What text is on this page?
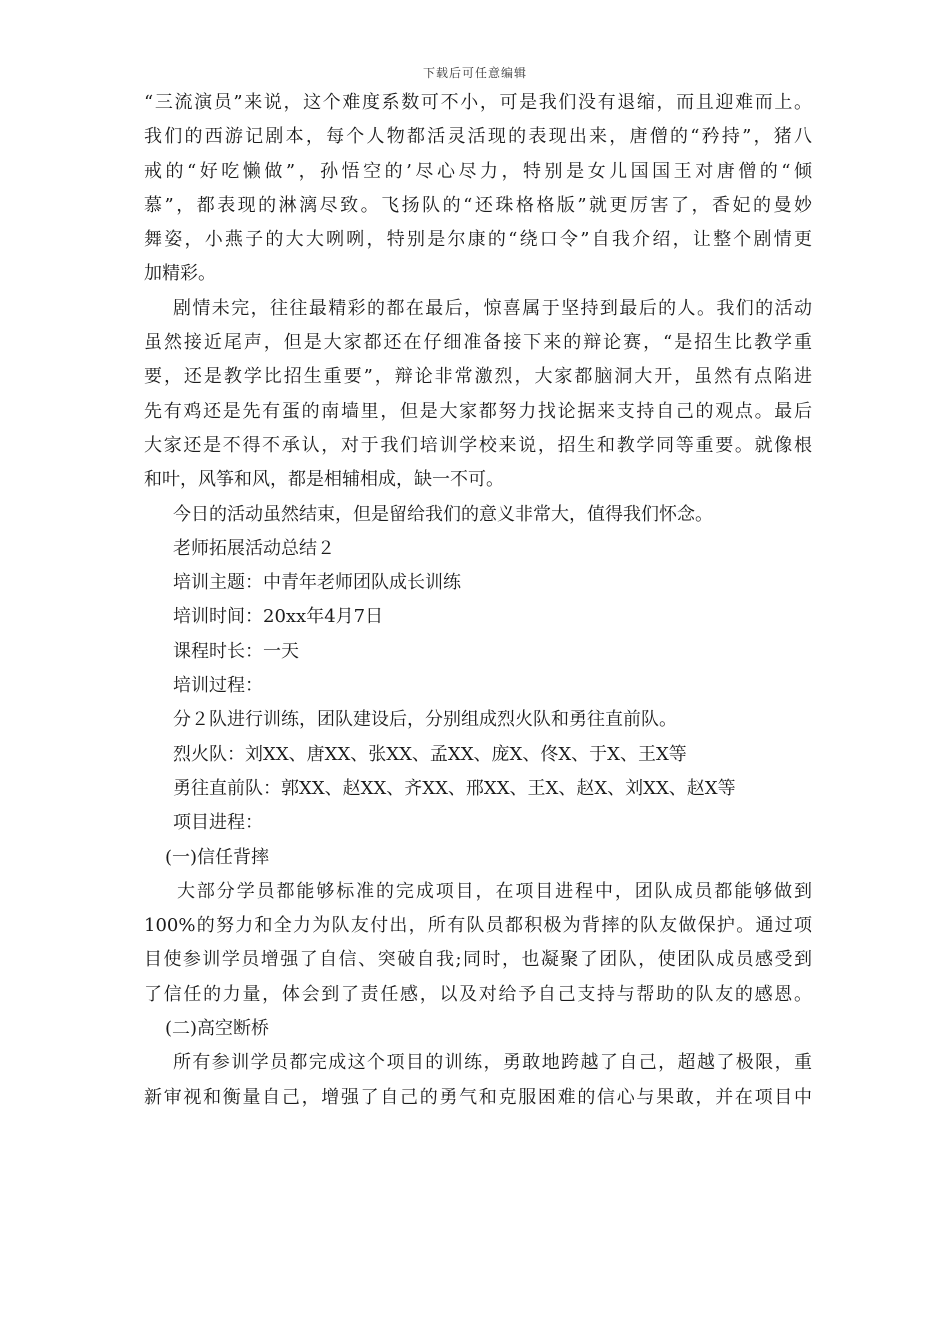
下载后可任意编辑
“三流演员”来说，这个难度系数可不小，可是我们没有退缩，而且迎难而上。
我们的西游记剧本，每个人物都活灵活现的表现出来，唐僧的“矜持”，猪八
戒的“好吃懒做”，孙悟空的’尽心尽力，特别是女儿国国王对唐僧的“倾
慕”，都表现的淋漓尽致。飞扬队的“还珠格格版”就更厉害了，香妃的曼妙
舞姿，小燕子的大大咧咧，特别是尔康的“绕口令”自我介绍，让整个剧情更
加精彩。
剧情未完，往往最精彩的都在最后，惊喜属于坚持到最后的人。我们的活动
虽然接近尾声，但是大家都还在仔细准备接下来的辩论赛，“是招生比教学重
要，还是教学比招生重要”，辩论非常激烈，大家都脑洞大开，虽然有点陷进
先有鸡还是先有蛋的南墙里，但是大家都努力找论据来支持自己的观点。最后
大家还是不得不承认，对于我们培训学校来说，招生和教学同等重要。就像根
和叶，风筝和风，都是相辅相成，缺一不可。
今日的活动虽然结束，但是留给我们的意义非常大，值得我们怀念。
老师拓展活动总结２
培训主题：中青年老师团队成长训练
培训时间：20xx年4月7日
课程时长：一天
培训过程：
分２队进行训练，团队建设后，分别组成烈火队和勇往直前队。
烈火队：刘XX、唐XX、张XX、孟XX、庞X、佟X、于X、王X等
勇往直前队：郭XX、赵XX、齐XX、邢XX、王X、赵X、刘XX、赵X等
项目进程：
(一)信任背摔
大部分学员都能够标准的完成项目，在项目进程中，团队成员都能够做到
100%的努力和全力为队友付出，所有队员都积极为背摔的队友做保护。通过项
目使参训学员增强了自信、突破自我;同时，也凝聚了团队，使团队成员感受到
了信任的力量，体会到了责任感，以及对给予自己支持与帮助的队友的感恩。
(二)高空断桥
所有参训学员都完成这个项目的训练，勇敢地跨越了自己，超越了极限，重
新审视和衡量自己，增强了自己的勇气和克服困难的信心与果敢，并在项目中
